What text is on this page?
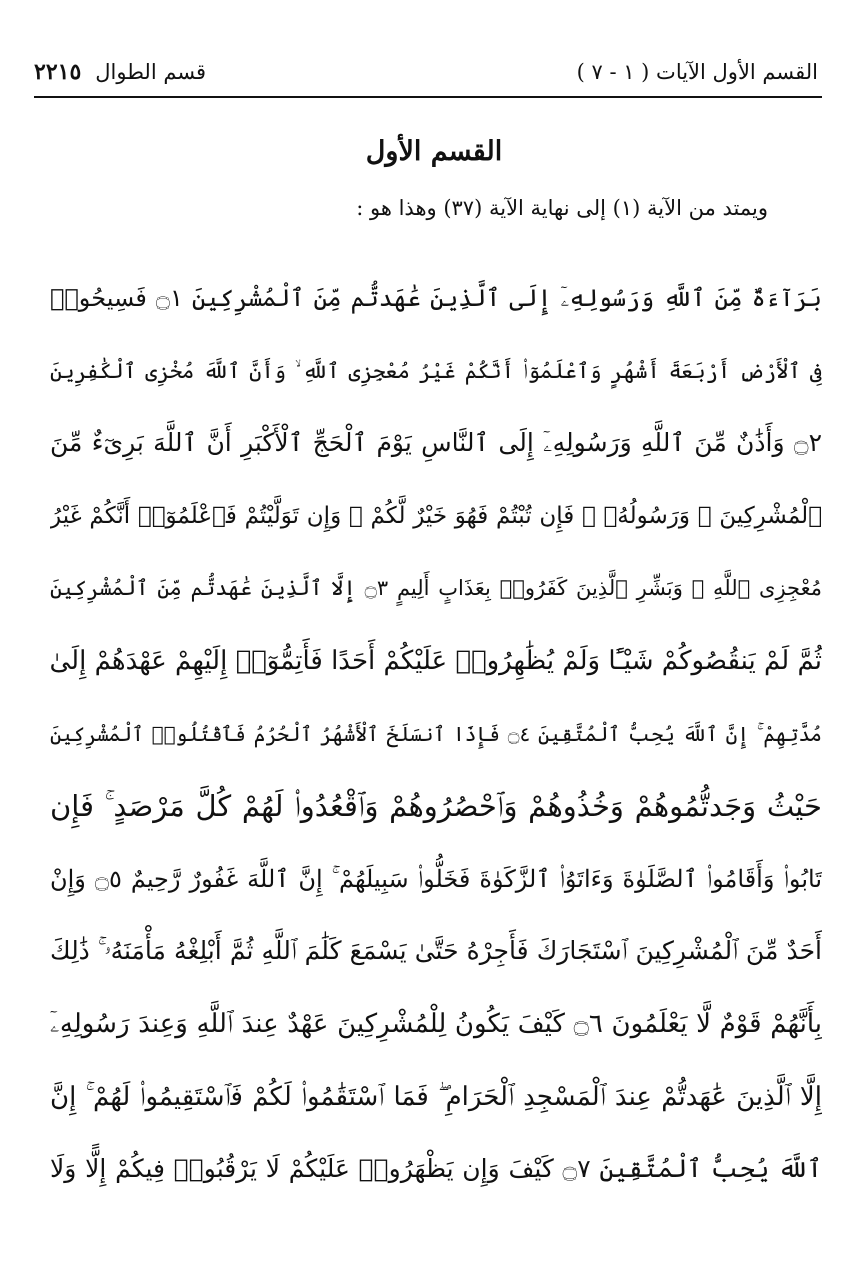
القسم الأول الآيات ( ١ - ٧ )
قسم الطوال
٢٢١٥
القسم الأول
ويمتد من الآية (١) إلى نهاية الآية (٣٧) وهذا هو :
بَرَآءَةٌ مِّنَ ٱللَّهِ وَرَسُولِهِۦٓ إِلَى ٱلَّذِينَ عَٰهَدتُّم مِّنَ ٱلْمُشْرِكِينَ ۝١ فَسِيحُوا۟
فِى ٱلْأَرْضِ أَرْبَعَةَ أَشْهُرٍ وَٱعْلَمُوٓا۟ أَنَّكُمْ غَيْرُ مُعْجِزِى ٱللَّهِ ۙ وَأَنَّ ٱللَّهَ مُخْزِى ٱلْكَٰفِرِينَ
۝٢ وَأَذَٰنٌ مِّنَ ٱللَّهِ وَرَسُولِهِۦٓ إِلَى ٱلنَّاسِ يَوْمَ ٱلْحَجِّ ٱلْأَكْبَرِ أَنَّ ٱللَّهَ بَرِىٓءٌ مِّنَ
ٱلْمُشْرِكِينَ ۙ وَرَسُولُهُۥ ۚ فَإِن تُبْتُمْ فَهُوَ خَيْرٌ لَّكُمْ ۖ وَإِن تَوَلَّيْتُمْ فَٱعْلَمُوٓا۟ أَنَّكُمْ غَيْرُ
مُعْجِزِى ٱللَّهِ ۗ وَبَشِّرِ ٱلَّذِينَ كَفَرُوا۟ بِعَذَابٍ أَلِيمٍ ۝٣ إِلَّا ٱلَّذِينَ عَٰهَدتُّم مِّنَ ٱلْمُشْرِكِينَ
ثُمَّ لَمْ يَنقُصُوكُمْ شَيْـًٔا وَلَمْ يُظَٰهِرُوا۟ عَلَيْكُمْ أَحَدًا فَأَتِمُّوٓا۟ إِلَيْهِمْ عَهْدَهُمْ إِلَىٰ
مُدَّتِهِمْ ۚ إِنَّ ٱللَّهَ يُحِبُّ ٱلْمُتَّقِينَ ۝٤ فَإِذَا ٱنسَلَخَ ٱلْأَشْهُرُ ٱلْحُرُمُ فَٱقْتُلُوا۟ ٱلْمُشْرِكِينَ
حَيْثُ وَجَدتُّمُوهُمْ وَخُذُوهُمْ وَٱحْصُرُوهُمْ وَٱقْعُدُوا۟ لَهُمْ كُلَّ مَرْصَدٍ ۚ فَإِن
تَابُوا۟ وَأَقَامُوا۟ ٱلصَّلَوٰةَ وَءَاتَوُا۟ ٱلزَّكَوٰةَ فَخَلُّوا۟ سَبِيلَهُمْ ۚ إِنَّ ٱللَّهَ غَفُورٌ رَّحِيمٌ ۝٥ وَإِنْ
أَحَدٌ مِّنَ ٱلْمُشْرِكِينَ ٱسْتَجَارَكَ فَأَجِرْهُ حَتَّىٰ يَسْمَعَ كَلَٰمَ ٱللَّهِ ثُمَّ أَبْلِغْهُ مَأْمَنَهُۥ ۚ ذَٰلِكَ
بِأَنَّهُمْ قَوْمٌ لَّا يَعْلَمُونَ ۝٦ كَيْفَ يَكُونُ لِلْمُشْرِكِينَ عَهْدٌ عِندَ ٱللَّهِ وَعِندَ رَسُولِهِۦٓ
إِلَّا ٱلَّذِينَ عَٰهَدتُّمْ عِندَ ٱلْمَسْجِدِ ٱلْحَرَامِ ۖ فَمَا ٱسْتَقَٰمُوا۟ لَكُمْ فَٱسْتَقِيمُوا۟ لَهُمْ ۚ إِنَّ
ٱللَّهَ يُحِبُّ ٱلْمُتَّقِينَ ۝٧ كَيْفَ وَإِن يَظْهَرُوا۟ عَلَيْكُمْ لَا يَرْقُبُوا۟ فِيكُمْ إِلًّا وَلَا
